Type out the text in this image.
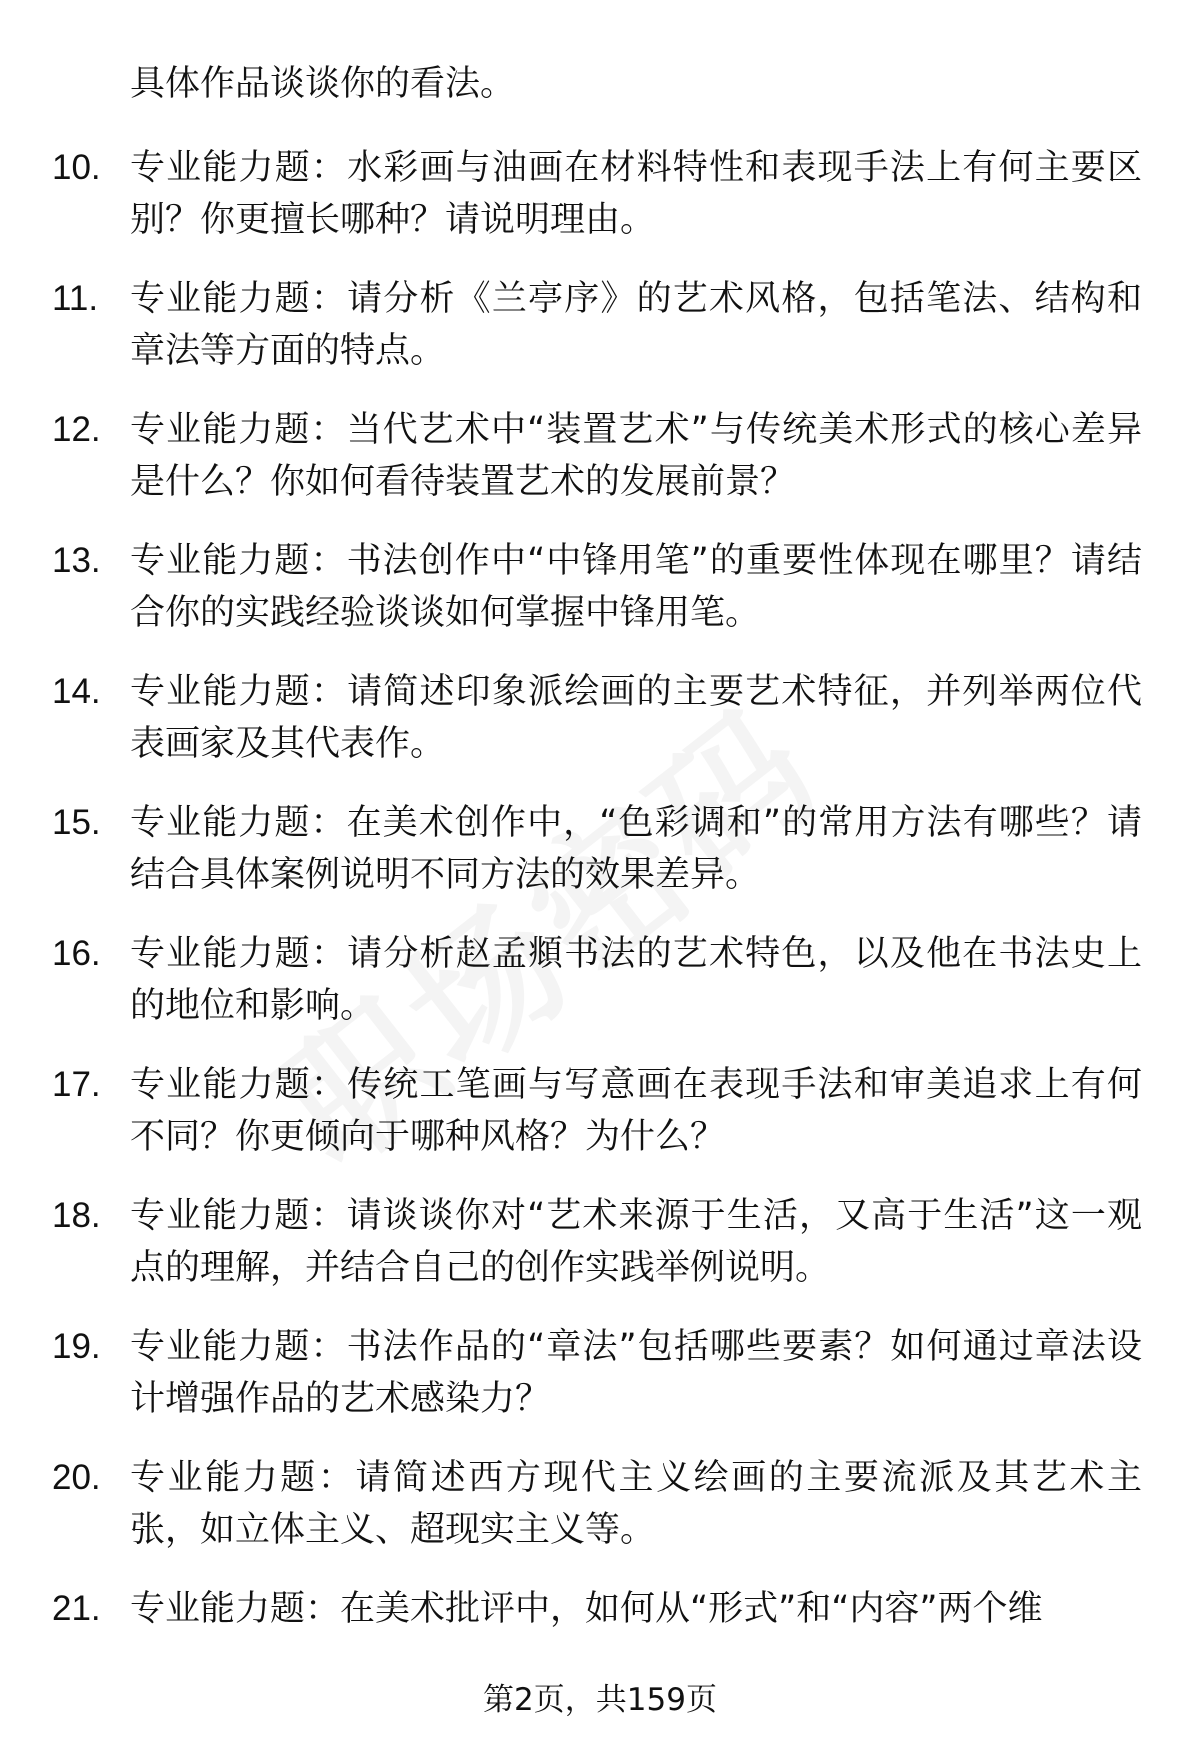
具体作品谈谈你的看法。
10. 专业能力题：水彩画与油画在材料特性和表现手法上有何主要区别？你更擅长哪种？请说明理由。
11. 专业能力题：请分析《兰亭序》的艺术风格，包括笔法、结构和章法等方面的特点。
12. 专业能力题：当代艺术中“装置艺术”与传统美术形式的核心差异是什么？你如何看待装置艺术的发展前景？
13. 专业能力题：书法创作中“中锋用笔”的重要性体现在哪里？请结合你的实践经验谈谈如何掌握中锋用笔。
14. 专业能力题：请简述印象派绘画的主要艺术特征，并列举两位代表画家及其代表作。
15. 专业能力题：在美术创作中，“色彩调和”的常用方法有哪些？请结合具体案例说明不同方法的效果差异。
16. 专业能力题：请分析赵孟頫书法的艺术特色，以及他在书法史上的地位和影响。
17. 专业能力题：传统工笔画与写意画在表现手法和审美追求上有何不同？你更倾向于哪种风格？为什么？
18. 专业能力题：请谈谈你对“艺术来源于生活，又高于生活”这一观点的理解，并结合自己的创作实践举例说明。
19. 专业能力题：书法作品的“章法”包括哪些要素？如何通过章法设计增强作品的艺术感染力？
20. 专业能力题：请简述西方现代主义绘画的主要流派及其艺术主张，如立体主义、超现实主义等。
21. 专业能力题：在美术批评中，如何从“形式”和“内容”两个维
第2页，共159页
